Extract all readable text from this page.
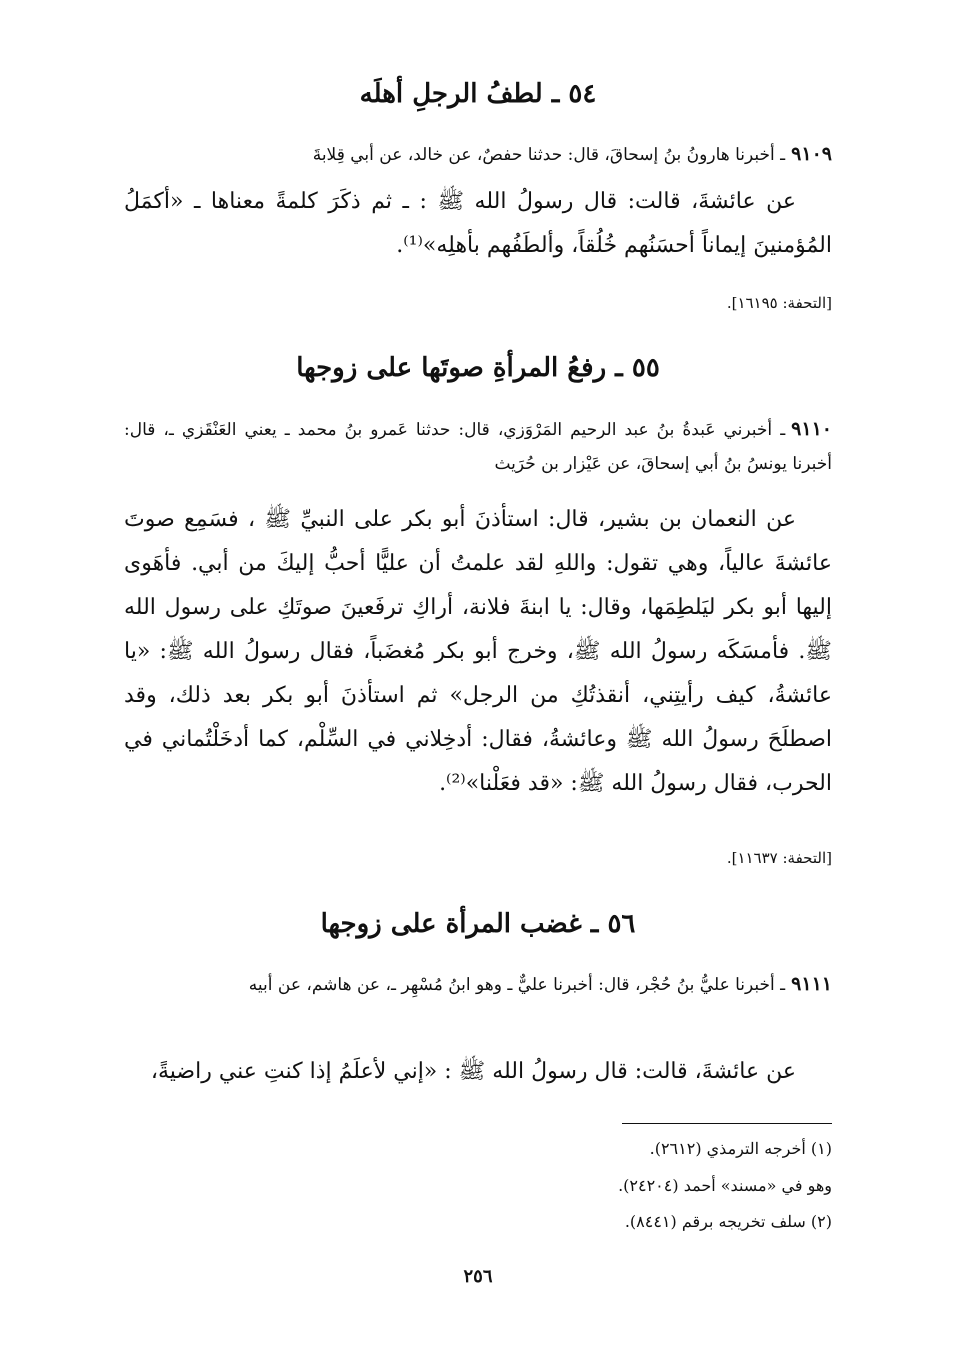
٥٤ ـ لطفُ الرجلِ أهلَه
٩١٠٩ـ أخبرنا هارونُ بنُ إسحاقَ، قال: حدثنا حفصٌ، عن خالد، عن أبي قِلابةَ
عن عائشةَ، قالت: قال رسولُ الله ﷺ : ـ ثم ذكَرَ كلمةً معناها ـ «أكمَلُ المُؤمنينَ إيماناً أحسَنُهم خُلُقاً، وألطَفُهم بأهلِه»⁽¹⁾.
[التحفة: ١٦١٩٥].
٥٥ ـ رفعُ المرأةِ صوتَها على زوجها
٩١١٠ـ أخبرني عَبدةُ بنُ عبد الرحيم المَرْوَزي، قال: حدثنا عَمرو بنُ محمد ـ يعني العَنْقَزي ـ، قال: أخبرنا يونسُ بنُ أبي إسحاقَ، عن عَيْزار بن حُرَيث
عن النعمان بن بشير، قال: استأذنَ أبو بكر على النبيِّ ﷺ ، فسَمِع صوتَ عائشةَ عالياً، وهي تقول: واللهِ لقد علمتُ أن عليًّا أحبُّ إليكَ من أبي. فأهَوى إليها أبو بكر ليَلطِمَها، وقال: يا ابنةَ فلانة، أراكِ ترفَعينَ صوتَكِ على رسول الله ﷺ. فأمسَكَه رسولُ الله ﷺ، وخرج أبو بكر مُغضَباً، فقال رسولُ الله ﷺ: «يا عائشةُ، كيف رأيتِني، أنقذتُكِ من الرجل» ثم استأذنَ أبو بكر بعد ذلك، وقد اصطلَحَ رسولُ الله ﷺ وعائشةُ، فقال: أدخِلاني في السِّلْم، كما أدخَلْتُماني في الحرب، فقال رسولُ الله ﷺ: «قد فعَلْنا»⁽²⁾.
[التحفة: ١١٦٣٧].
٥٦ ـ غضب المرأة على زوجها
٩١١١ـ أخبرنا عليُّ بنُ حُجْر، قال: أخبرنا عليٌّ ـ وهو ابنُ مُسْهِر ـ، عن هاشم، عن أبيه
عن عائشةَ، قالت: قال رسولُ الله ﷺ : «إني لأعلَمُ إذا كنتِ عني راضيةً،
(١) أخرجه الترمذي (٢٦١٢).
وهو في «مسند» أحمد (٢٤٢٠٤).
(٢) سلف تخريجه برقم (٨٤٤١).
٢٥٦
